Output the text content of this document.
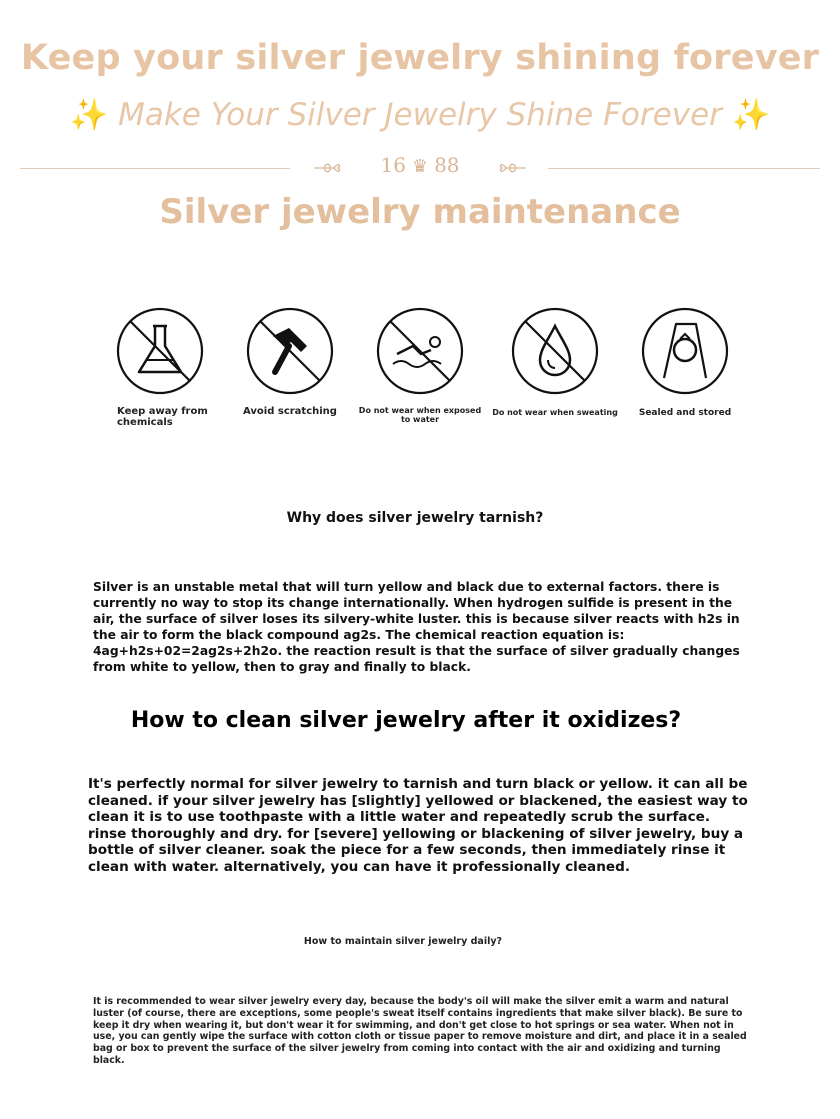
Keep your silver jewelry shining forever
✨ Make Your Silver Jewelry Shine Forever ✨
16 ♛ 88
Silver jewelry maintenance
Keep away from chemicals
Avoid scratching	Do not wear when exposed to water
Do not wear when sweating	Sealed and stored
Why does silver jewelry tarnish?
Silver is an unstable metal that will turn yellow and black due to external factors. there is currently no way to stop its change internationally. When hydrogen sulfide is present in the air, the surface of silver loses its silvery-white luster. this is because silver reacts with h2s in the air to form the black compound ag2s. The chemical reaction equation is: 4ag+h2s+02=2ag2s+2h2o. the reaction result is that the surface of silver gradually changes from white to yellow, then to gray and finally to black.
How to clean silver jewelry after it oxidizes?
It's perfectly normal for silver jewelry to tarnish and turn black or yellow. it can all be cleaned. if your silver jewelry has [slightly] yellowed or blackened, the easiest way to clean it is to use toothpaste with a little water and repeatedly scrub the surface. rinse thoroughly and dry. for [severe] yellowing or blackening of silver jewelry, buy a bottle of silver cleaner. soak the piece for a few seconds, then immediately rinse it clean with water. alternatively, you can have it professionally cleaned.
How to maintain silver jewelry daily?
It is recommended to wear silver jewelry every day, because the body's oil will make the silver emit a warm and natural luster (of course, there are exceptions, some people's sweat itself contains ingredients that make silver black). Be sure to keep it dry when wearing it, but don't wear it for swimming, and don't get close to hot springs or sea water. When not in use, you can gently wipe the surface with cotton cloth or tissue paper to remove moisture and dirt, and place it in a sealed bag or box to prevent the surface of the silver jewelry from coming into contact with the air and oxidizing and turning black.
